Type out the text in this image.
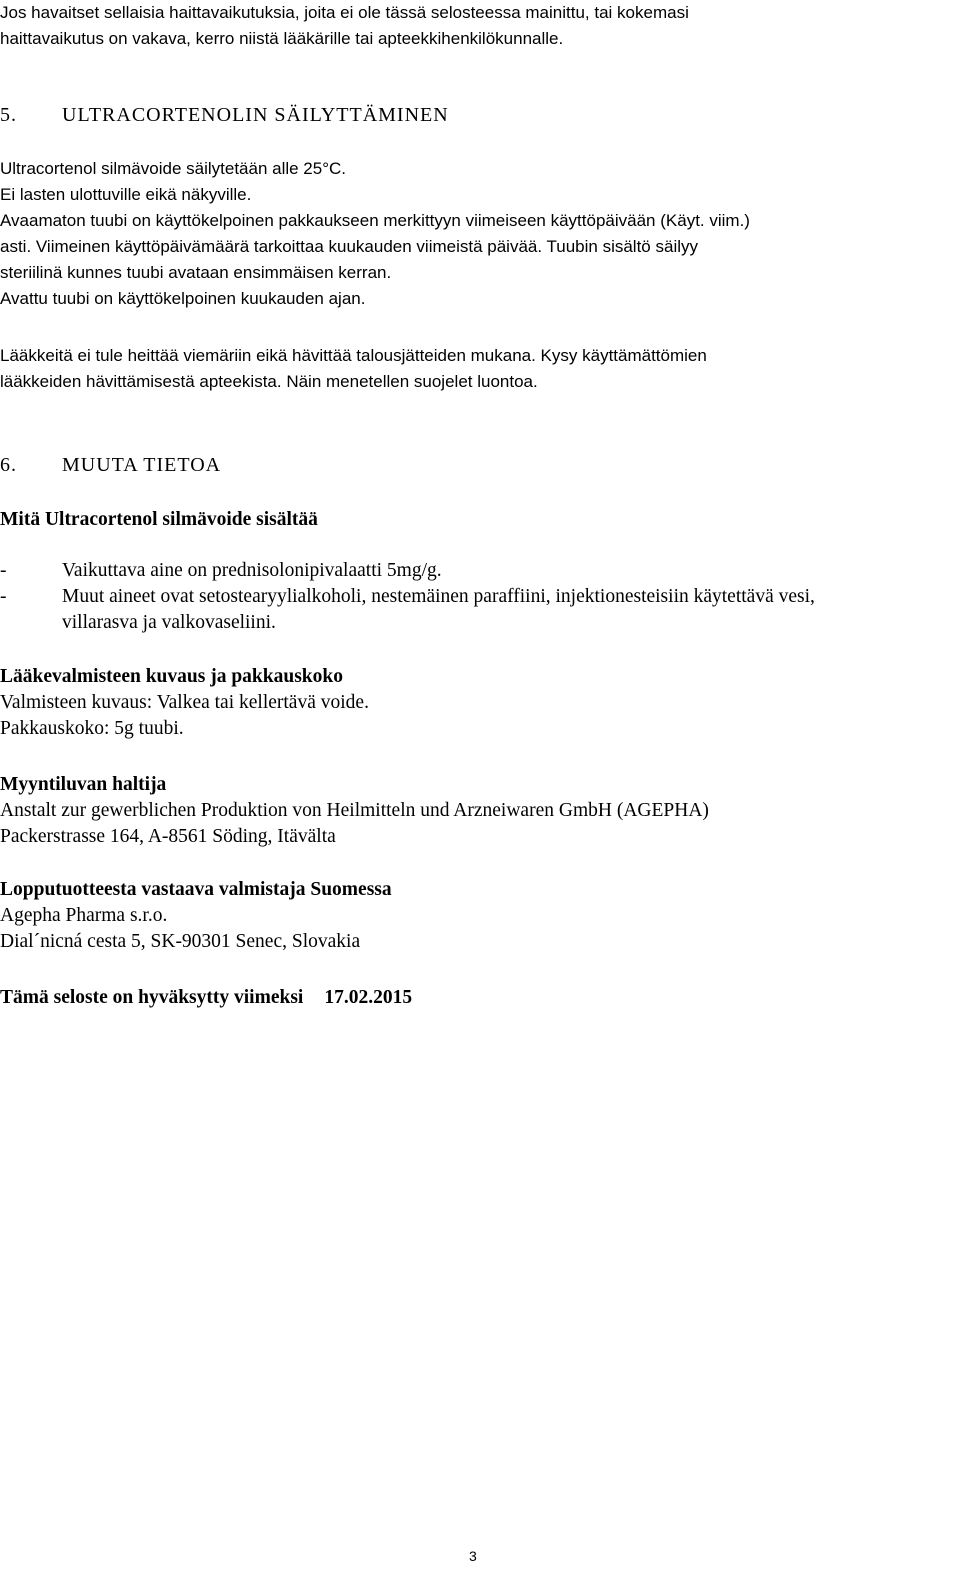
Jos havaitset sellaisia haittavaikutuksia, joita ei ole tässä selosteessa mainittu, tai kokemasi
haittavaikutus on vakava, kerro niistä lääkärille tai apteekkihenkilökunnalle.
5. ULTRACORTENOLIN SÄILYTTÄMINEN
Ultracortenol silmävoide säilytetään alle 25°C.
Ei lasten ulottuville eikä näkyville.
Avaamaton tuubi on käyttökelpoinen pakkaukseen merkittyyn viimeiseen käyttöpäivään (Käyt. viim.)
asti. Viimeinen käyttöpäivämäärä tarkoittaa kuukauden viimeistä päivää. Tuubin sisältö säilyy
steriilinä kunnes tuubi avataan ensimmäisen kerran.
Avattu tuubi on käyttökelpoinen kuukauden ajan.
Lääkkeitä ei tule heittää viemäriin eikä hävittää talousjätteiden mukana. Kysy käyttämättömien
lääkkeiden hävittämisestä apteekista. Näin menetellen suojelet luontoa.
6. MUUTA TIETOA
Mitä Ultracortenol silmävoide sisältää
-	Vaikuttava aine on prednisolonipivalaatti 5mg/g.
-	Muut aineet ovat setostearyylialkoholi, nestemäinen paraffiini, injektionesteisiin käytettävä vesi,
villarasva ja valkovaseliini.
Lääkevalmisteen kuvaus ja pakkauskoko
Valmisteen kuvaus: Valkea tai kellertävä voide.
Pakkauskoko: 5g tuubi.
Myyntiluvan haltija
Anstalt zur gewerblichen Produktion von Heilmitteln und Arzneiwaren GmbH (AGEPHA)
Packerstrasse 164, A-8561 Söding, Itävälta
Lopputuotteesta vastaava valmistaja Suomessa
Agepha Pharma s.r.o.
Dial´nicná cesta 5, SK-90301 Senec, Slovakia
Tämä seloste on hyväksytty viimeksi 17.02.2015
3
